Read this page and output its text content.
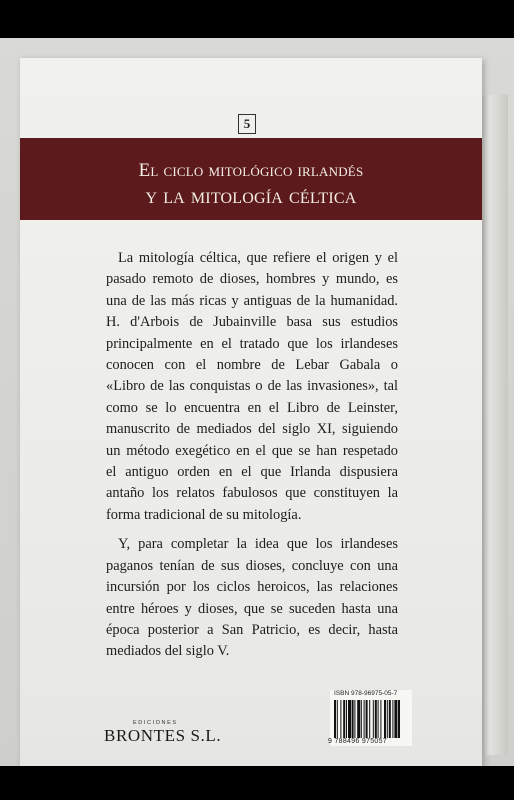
5
El ciclo mitológico irlandés
y la mitología céltica
La mitología céltica, que refiere el origen y el
pasado remoto de dioses, hombres y mundo, es
una de las más ricas y antiguas de la humanidad.
H. d'Arbois de Jubainville basa sus estudios
principalmente en el tratado que los irlandeses
conocen con el nombre de Lebar Gabala o
«Libro de las conquistas o de las invasiones», tal
como se lo encuentra en el Libro de Leinster,
manuscrito de mediados del siglo XI, siguiendo
un método exegético en el que se han respetado
el antiguo orden en el que Irlanda dispusiera
antaño los relatos fabulosos que constituyen la
forma tradicional de su mitología.
Y, para completar la idea que los irlandeses
paganos tenían de sus dioses, concluye con una
incursión por los ciclos heroicos, las relaciones
entre héroes y dioses, que se suceden hasta una
época posterior a San Patricio, es decir, hasta
mediados del siglo V.
EDICIONES
BRONTES S.L.
ISBN 978-96975-05-7
9 788496 975057
